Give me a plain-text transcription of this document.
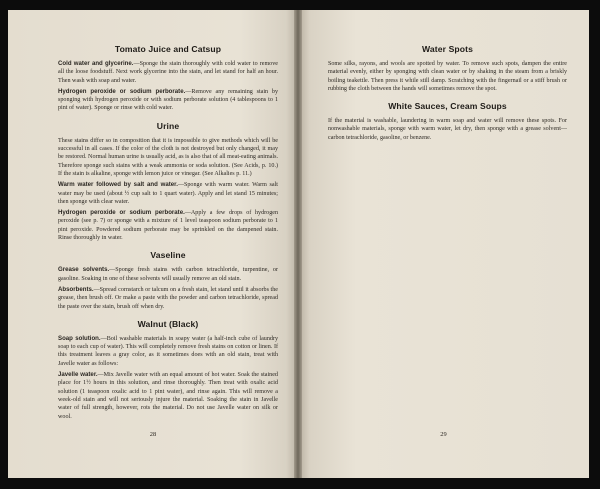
Tomato Juice and Catsup

Cold water and glycerine.—Sponge the stain thoroughly with cold water to remove all the loose foodstuff. Next work glycerine into the stain, and let stand for half an hour. Then wash with soap and water.

Hydrogen peroxide or sodium perborate.—Remove any remaining stain by sponging with hydrogen peroxide or with sodium perborate solution (4 tablespoons to 1 pint of water). Sponge or rinse with cold water.

Urine

These stains differ so in composition that it is impossible to give methods which will be successful in all cases. If the color of the cloth is not destroyed but only changed, it may be restored. Normal human urine is usually acid, as is also that of all meat-eating animals. Therefore sponge such stains with a weak ammonia or soda solution. (See Acids, p. 10.) If the stain is alkaline, sponge with lemon juice or vinegar. (See Alkalies p. 11.)

Warm water followed by salt and water.—Sponge with warm water. Warm salt water may be used (about ½ cup salt to 1 quart water). Apply and let stand 15 minutes; then sponge with clear water.

Hydrogen peroxide or sodium perborate.—Apply a few drops of hydrogen peroxide (see p. 7) or sponge with a mixture of 1 level teaspoon sodium perborate to 1 pint peroxide. Powdered sodium perborate may be sprinkled on the dampened stain. Rinse thoroughly in water.

Vaseline

Grease solvents.—Sponge fresh stains with carbon tetrachloride, turpentine, or gasoline. Soaking in one of these solvents will usually remove an old stain.

Absorbents.—Spread cornstarch or talcum on a fresh stain, let stand until it absorbs the grease, then brush off. Or make a paste with the powder and carbon tetrachloride, spread the paste over the stain, brush off when dry.

Walnut (Black)

Soap solution.—Boil washable materials in soapy water (a half-inch cube of laundry soap to each cup of water). This will completely remove fresh stains on cotton or linen. If this treatment leaves a gray color, as it sometimes does with an old stain, treat with Javelle water as follows:

Javelle water.—Mix Javelle water with an equal amount of hot water. Soak the stained place for 1½ hours in this solution, and rinse thoroughly. Then treat with oxalic acid solution (1 teaspoon oxalic acid to 1 pint water), and rinse again. This will remove a week-old stain and will not seriously injure the material. Soaking the stain in Javelle water of full strength, however, rots the material. Do not use Javelle water on silk or wool.

28
Water Spots

Some silks, rayons, and wools are spotted by water. To remove such spots, dampen the entire material evenly, either by sponging with clean water or by shaking in the steam from a briskly boiling teakettle. Then press it while still damp. Scratching with the fingernail or a stiff brush or rubbing the cloth between the hands will sometimes remove the spot.

White Sauces, Cream Soups

If the material is washable, laundering in warm soap and water will remove these spots. For nonwashable materials, sponge with warm water, let dry, then sponge with a grease solvent—carbon tetrachloride, gasoline, or benzene.

29
